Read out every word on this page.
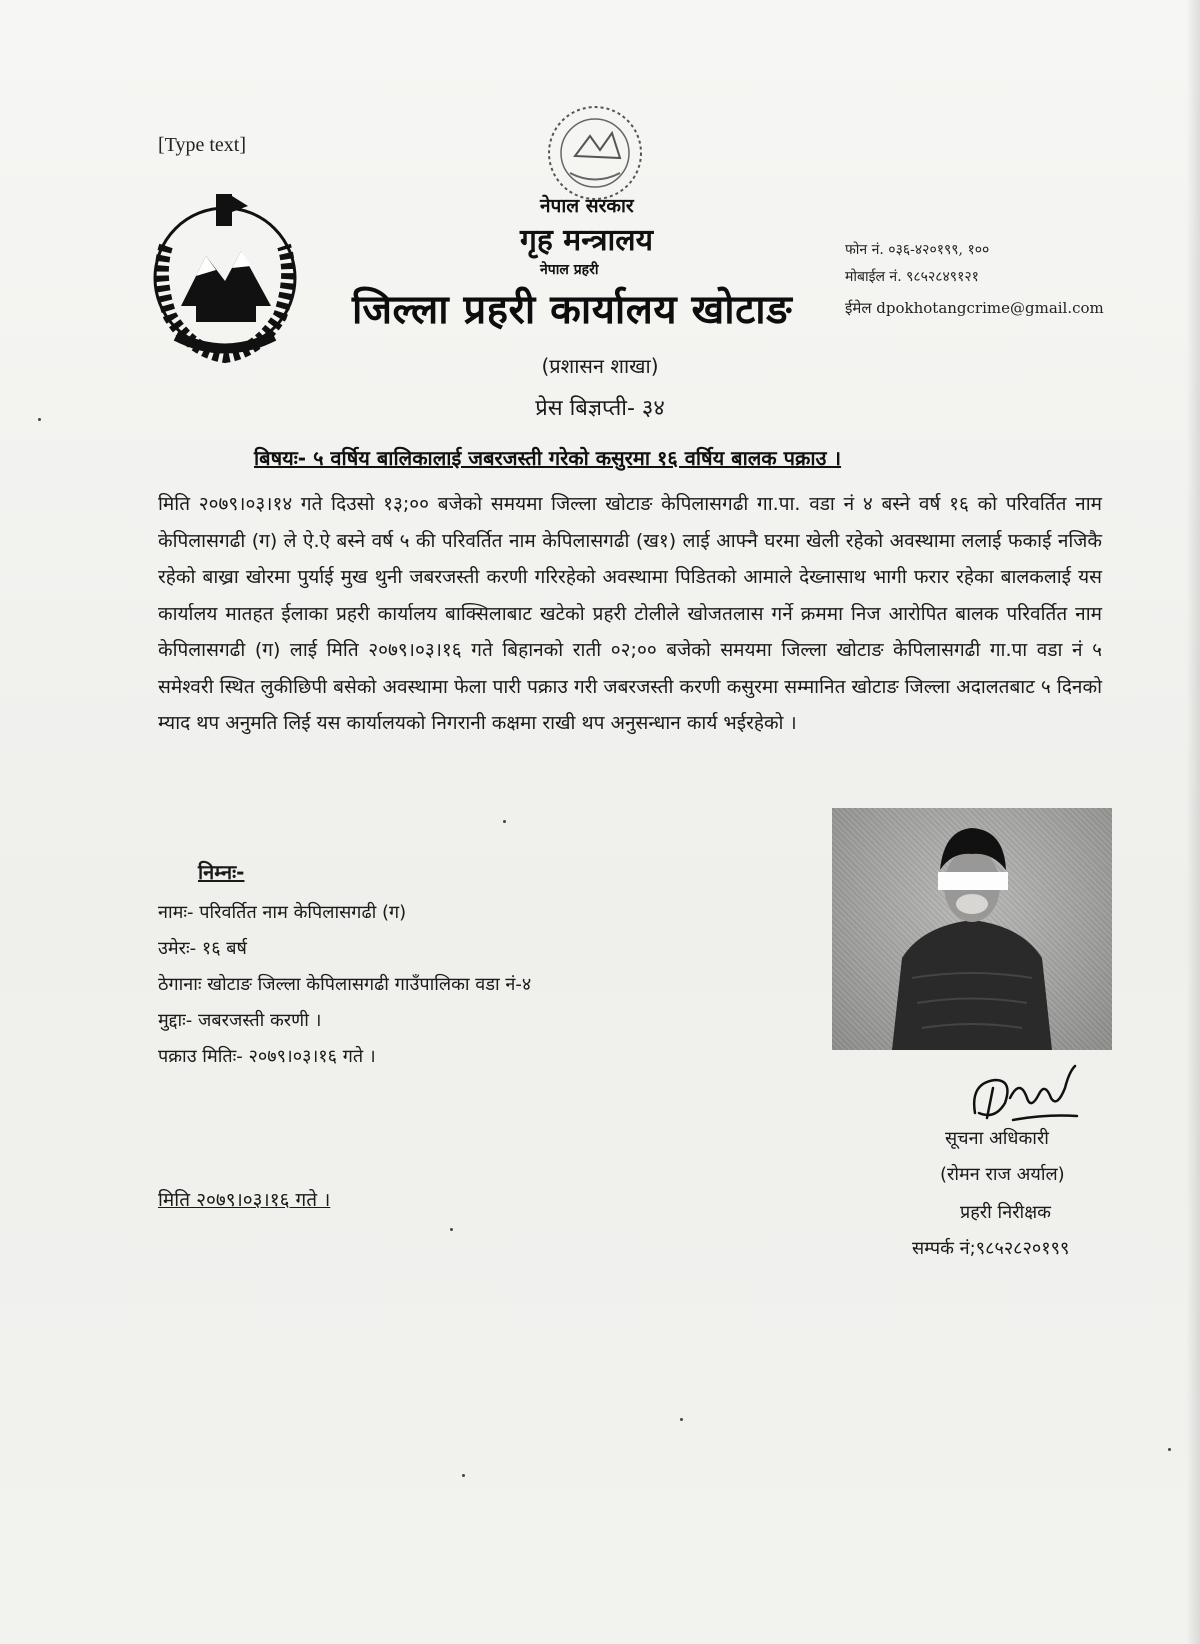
[Type text]
नेपाल सरकार
गृह मन्त्रालय
नेपाल प्रहरी
जिल्ला प्रहरी कार्यालय खोटाङ
फोन नं. ०३६-४२०१९९, १००
मोबाईल नं. ९८५२८४९१२१
ईमेल dpokhotangcrime@gmail.com
(प्रशासन शाखा)
प्रेस बिज्ञप्ती- ३४
बिषयः- ५ वर्षिय बालिकालाई जबरजस्ती गरेको कसुरमा १६ वर्षिय बालक पक्राउ ।
मिति २०७९।०३।१४ गते दिउसो १३;०० बजेको समयमा जिल्ला खोटाङ केपिलासगढी गा.पा. वडा नं ४ बस्ने वर्ष १६ को परिवर्तित नाम केपिलासगढी (ग) ले ऐ.ऐ बस्ने वर्ष ५ की परिवर्तित नाम केपिलासगढी (ख१) लाई आफ्नै घरमा खेली रहेको अवस्थामा ललाई फकाई नजिकै रहेको बाख्रा खोरमा पुर्याई मुख थुनी जबरजस्ती करणी गरिरहेको अवस्थामा पिडितको आमाले देख्नासाथ भागी फरार रहेका बालकलाई यस कार्यालय मातहत ईलाका प्रहरी कार्यालय बाक्सिलाबाट खटेको प्रहरी टोलीले खोजतलास गर्ने क्रममा निज आरोपित बालक परिवर्तित नाम केपिलासगढी (ग) लाई मिति २०७९।०३।१६ गते बिहानको राती ०२;०० बजेको समयमा जिल्ला खोटाङ केपिलासगढी गा.पा वडा नं ५ समेश्वरी स्थित लुकीछिपी बसेको अवस्थामा फेला पारी पक्राउ गरी जबरजस्ती करणी कसुरमा सम्मानित खोटाङ जिल्ला अदालतबाट ५ दिनको म्याद थप अनुमति लिई यस कार्यालयको निगरानी कक्षमा राखी थप अनुसन्धान कार्य भईरहेको ।
निम्नः-
नामः- परिवर्तित नाम केपिलासगढी (ग)
उमेरः- १६ बर्ष
ठेगानाः खोटाङ जिल्ला केपिलासगढी गाउँपालिका वडा नं-४
मुद्दाः- जबरजस्ती करणी ।
पक्राउ मितिः- २०७९।०३।१६ गते ।
सूचना अधिकारी
(रोमन राज अर्याल)
प्रहरी निरीक्षक
सम्पर्क नं;९८५२८२०१९९
मिति २०७९।०३।१६ गते ।
